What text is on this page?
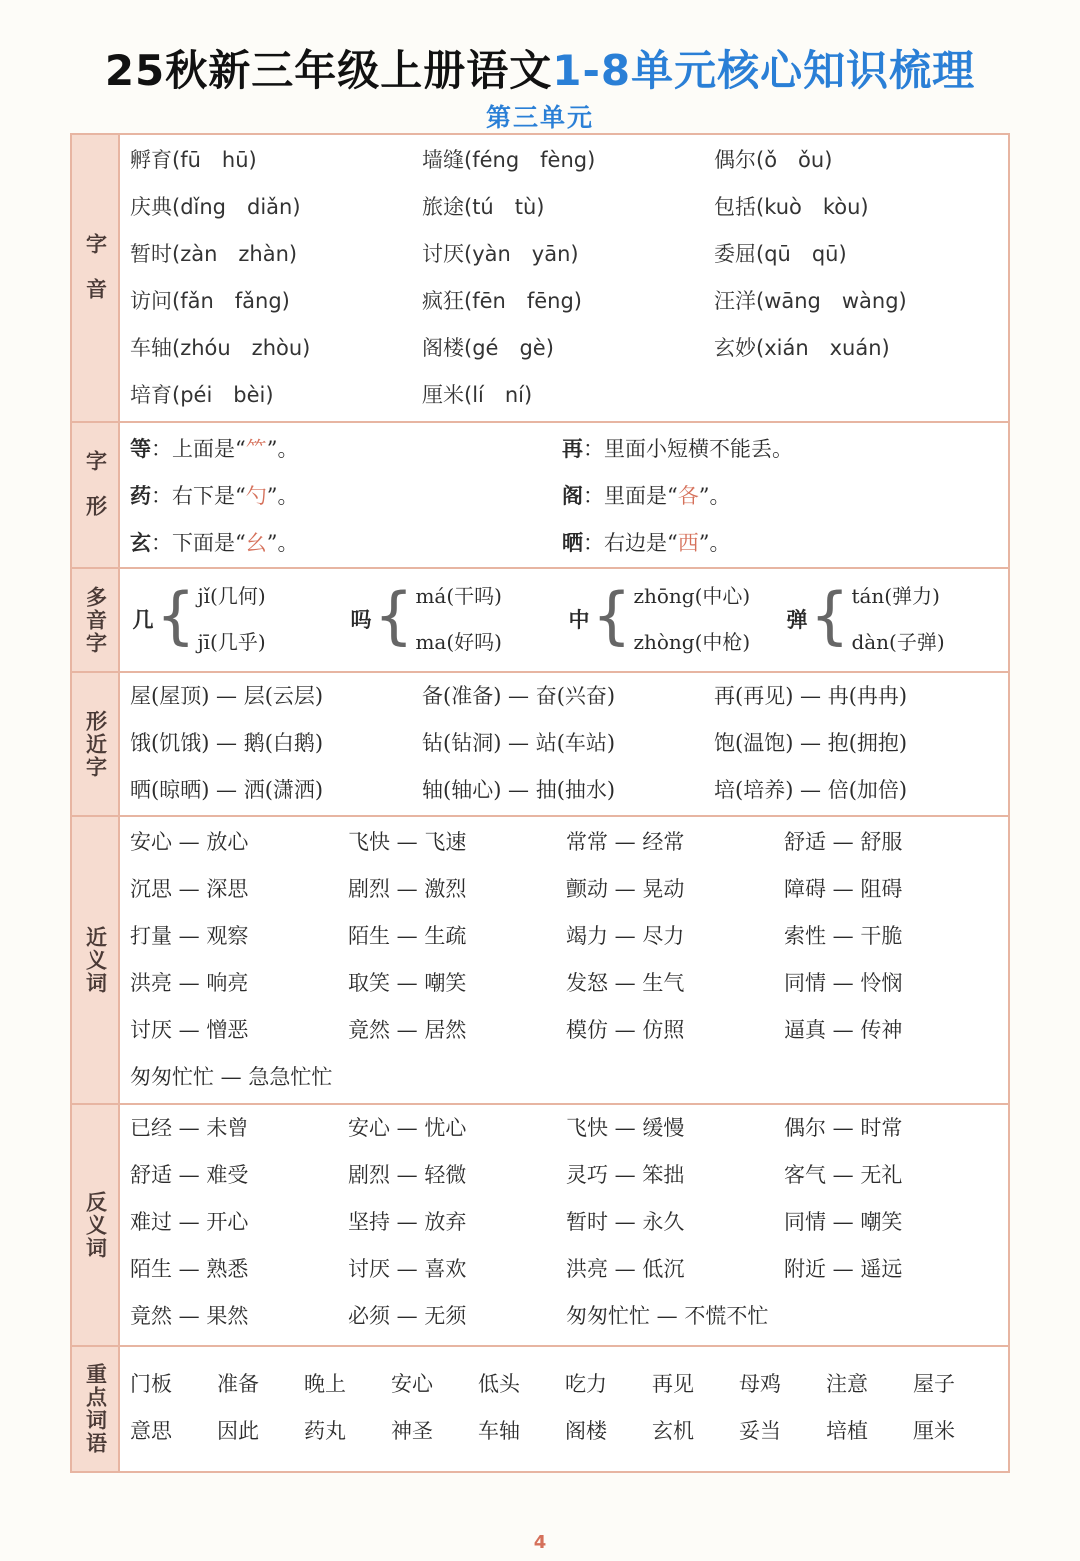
25秋新三年级上册语文1-8单元核心知识梳理
第三单元
字音
孵育(fū　hū)	墙缝(féng　fèng)	偶尔(ǒ　ǒu)
庆典(dǐng　diǎn)	旅途(tú　tù)	包括(kuò　kòu)
暂时(zàn　zhàn)	讨厌(yàn　yān)	委屈(qū　qū)
访问(fǎn　fǎng)	疯狂(fēn　fēng)	汪洋(wāng　wàng)
车轴(zhóu　zhòu)	阁楼(gé　gè)	玄妙(xián　xuán)
培育(péi　bèi)	厘米(lí　ní)
字形
等：上面是“⺮”。	再：里面小短横不能丢。
药：右下是“勺”。	阁：里面是“各”。
玄：下面是“幺”。	晒：右边是“西”。
多音字 几 { jǐ(几何)
jī(几乎)
吗 { má(干吗)
ma(好吗)
中 { zhōng(中心)
zhòng(中枪)
弹 { tán(弹力)
dàn(子弹)
形近字
屋(屋顶) — 层(云层)	备(准备) — 奋(兴奋)	再(再见) — 冉(冉冉)
饿(饥饿) — 鹅(白鹅)	钻(钻洞) — 站(车站)	饱(温饱) — 抱(拥抱)
晒(晾晒) — 洒(潇洒)	轴(轴心) — 抽(抽水)	培(培养) — 倍(加倍)
近义词
安心 — 放心	飞快 — 飞速	常常 — 经常	舒适 — 舒服
沉思 — 深思	剧烈 — 激烈	颤动 — 晃动	障碍 — 阻碍
打量 — 观察	陌生 — 生疏	竭力 — 尽力	索性 — 干脆
洪亮 — 响亮	取笑 — 嘲笑	发怒 — 生气	同情 — 怜悯
讨厌 — 憎恶	竟然 — 居然	模仿 — 仿照	逼真 — 传神
匆匆忙忙 — 急急忙忙
反义词
已经 — 未曾	安心 — 忧心	飞快 — 缓慢	偶尔 — 时常
舒适 — 难受	剧烈 — 轻微	灵巧 — 笨拙	客气 — 无礼
难过 — 开心	坚持 — 放弃	暂时 — 永久	同情 — 嘲笑
陌生 — 熟悉	讨厌 — 喜欢	洪亮 — 低沉	附近 — 遥远
竟然 — 果然	必须 — 无须	匆匆忙忙 — 不慌不忙
重点词语 门板	准备	晚上	安心	低头	吃力	再见	母鸡	注意	屋子
意思	因此	药丸	神圣	车轴	阁楼	玄机	妥当	培植	厘米
4
